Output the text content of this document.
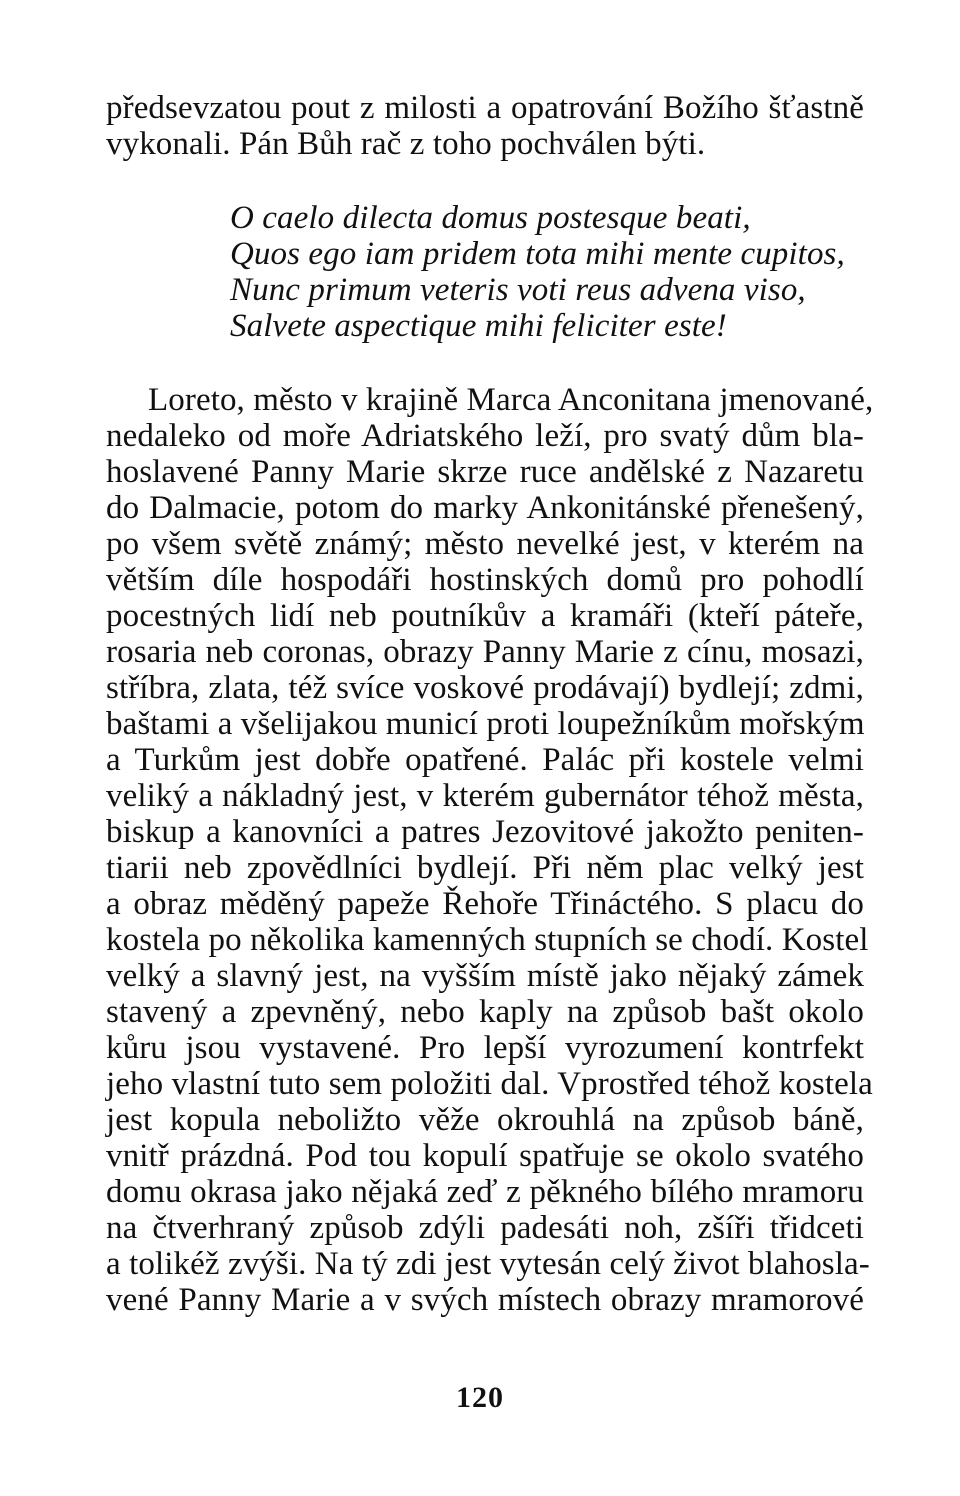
předsevzatou pout z milosti a opatrování Božího šťastně
vykonali. Pán Bůh rač z toho pochválen býti.
O caelo dilecta domus postesque beati,
Quos ego iam pridem tota mihi mente cupitos,
Nunc primum veteris voti reus advena viso,
Salvete aspectique mihi feliciter este!
Loreto, město v krajině Marca Anconitana jmenované,
nedaleko od moře Adriatského leží, pro svatý dům bla-
hoslavené Panny Marie skrze ruce andělské z Nazaretu
do Dalmacie, potom do marky Ankonitánské přenešený,
po všem světě známý; město nevelké jest, v kterém na
větším díle hospodáři hostinských domů pro pohodlí
pocestných lidí neb poutníkův a kramáři (kteří páteře,
rosaria neb coronas, obrazy Panny Marie z cínu, mosazi,
stříbra, zlata, též svíce voskové prodávají) bydlejí; zdmi,
baštami a všelijakou municí proti loupežníkům mořským
a Turkům jest dobře opatřené. Palác při kostele velmi
veliký a nákladný jest, v kterém gubernátor téhož města,
biskup a kanovníci a patres Jezovitové jakožto peniten-
tiarii neb zpovědlníci bydlejí. Při něm plac velký jest
a obraz měděný papeže Řehoře Třináctého. S placu do
kostela po několika kamenných stupních se chodí. Kostel
velký a slavný jest, na vyšším místě jako nějaký zámek
stavený a zpevněný, nebo kaply na způsob bašt okolo
kůru jsou vystavené. Pro lepší vyrozumení kontrfekt
jeho vlastní tuto sem položiti dal. Vprostřed téhož kostela
jest kopula neboližto věže okrouhlá na způsob báně,
vnitř prázdná. Pod tou kopulí spatřuje se okolo svatého
domu okrasa jako nějaká zeď z pěkného bílého mramoru
na čtverhraný způsob zdýli padesáti noh, zšíři třidceti
a tolikéž zvýši. Na tý zdi jest vytesán celý život blahosla-
vené Panny Marie a v svých místech obrazy mramorové
120
